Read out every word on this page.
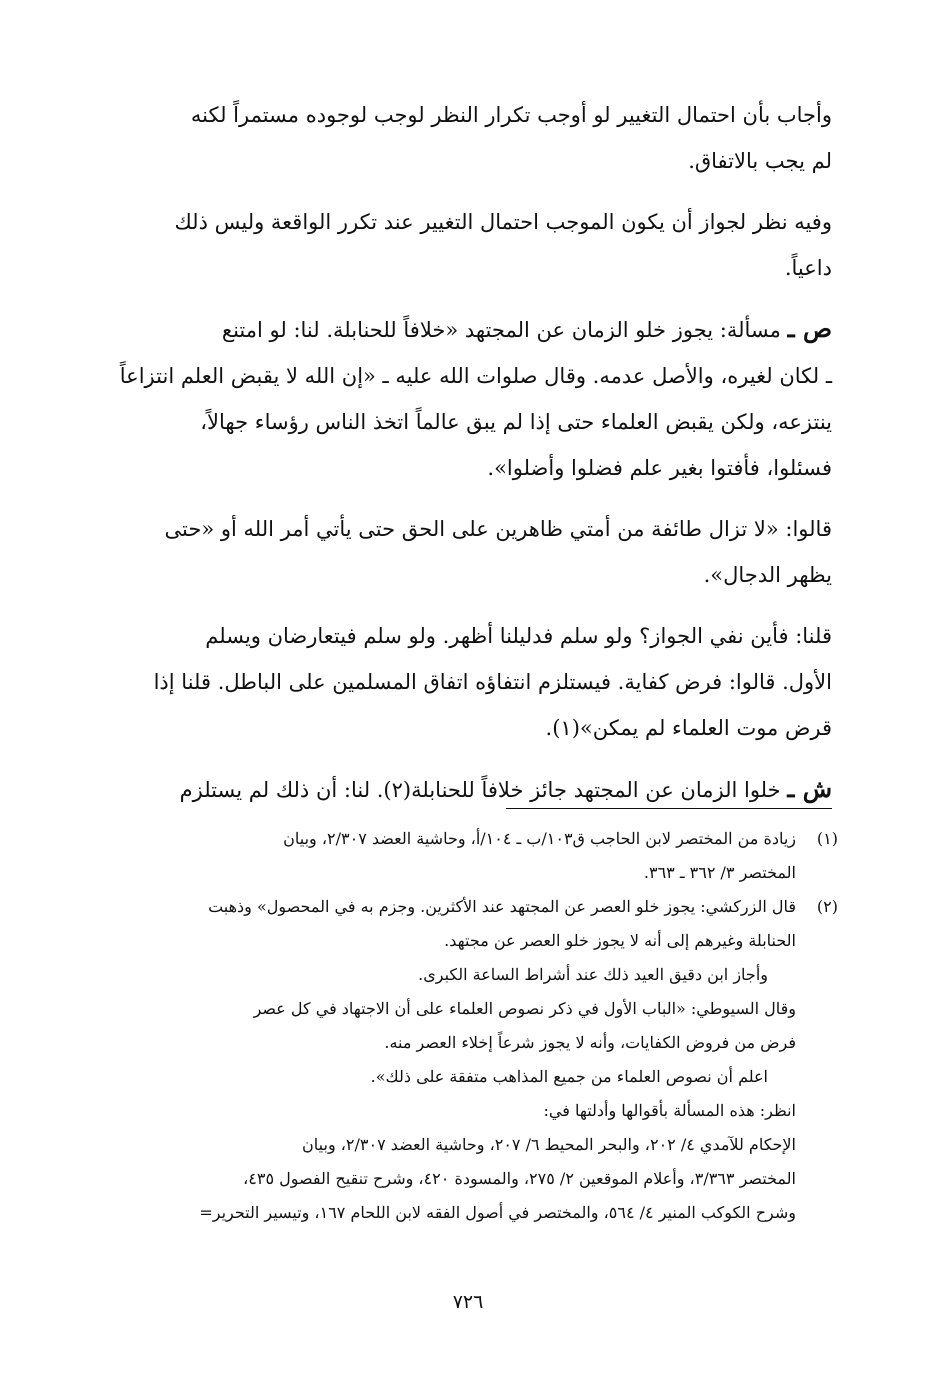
وأجاب بأن احتمال التغيير لو أوجب تكرار النظر لوجب لوجوده مستمراً لكنه
لم يجب بالاتفاق.

وفيه نظر لجواز أن يكون الموجب احتمال التغيير عند تكرر الواقعة وليس ذلك
داعياً.

ص ـ مسألة: يجوز خلو الزمان عن المجتهد «خلافاً للحنابلة. لنا: لو امتنع
ـ لكان لغيره، والأصل عدمه. وقال صلوات الله عليه ـ «إن الله لا يقبض العلم انتزاعاً
ينتزعه، ولكن يقبض العلماء حتى إذا لم يبق عالماً اتخذ الناس رؤساء جهالاً،
فسئلوا، فأفتوا بغير علم فضلوا وأضلوا».

قالوا: «لا تزال طائفة من أمتي ظاهرين على الحق حتى يأتي أمر الله أو «حتى
يظهر الدجال».

قلنا: فأين نفي الجواز؟ ولو سلم فدليلنا أظهر. ولو سلم فيتعارضان ويسلم
الأول. قالوا: فرض كفاية. فيستلزم انتفاؤه اتفاق المسلمين على الباطل. قلنا إذا
قرض موت العلماء لم يمكن»(١).

ش ـ خلوا الزمان عن المجتهد جائز خلافاً للحنابلة(٢). لنا: أن ذلك لم يستلزم

(١)
زيادة من المختصر لابن الحاجب ق١٠٣/ب ـ ١٠٤/أ، وحاشية العضد ٢/٣٠٧، وبيان
المختصر ٣/ ٣٦٢ ـ ٣٦٣.
(٢)
قال الزركشي: يجوز خلو العصر عن المجتهد عند الأكثرين. وجزم به في المحصول» وذهبت
الحنابلة وغيرهم إلى أنه لا يجوز خلو العصر عن مجتهد.
وأجاز ابن دقيق العيد ذلك عند أشراط الساعة الكبرى.
وقال السيوطي: «الباب الأول في ذكر نصوص العلماء على أن الاجتهاد في كل عصر
فرض من فروض الكفايات، وأنه لا يجوز شرعاً إخلاء العصر منه.
اعلم أن نصوص العلماء من جميع المذاهب متفقة على ذلك».
انظر: هذه المسألة بأقوالها وأدلتها في:
الإحكام للآمدي ٤/ ٢٠٢، والبحر المحيط ٦/ ٢٠٧، وحاشية العضد ٢/٣٠٧، وبيان
المختصر ٣/٣٦٣، وأعلام الموقعين ٢/ ٢٧٥، والمسودة ٤٢٠، وشرح تنقيح الفصول ٤٣٥،
وشرح الكوكب المنير ٤/ ٥٦٤، والمختصر في أصول الفقه لابن اللحام ١٦٧، وتيسير التحرير=
٧٢٦
